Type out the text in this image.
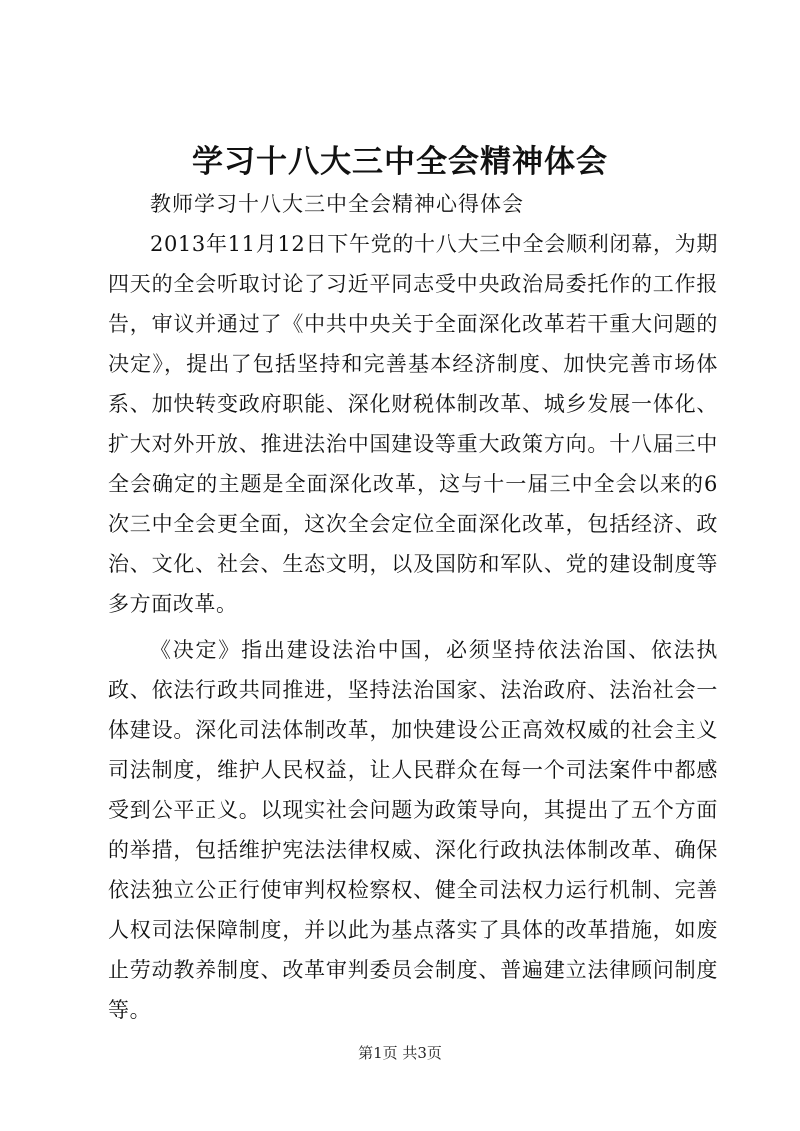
学习十八大三中全会精神体会

教师学习十八大三中全会精神心得体会

2013年11月12日下午党的十八大三中全会顺利闭幕，为期四天的全会听取讨论了习近平同志受中央政治局委托作的工作报告，审议并通过了《中共中央关于全面深化改革若干重大问题的决定》，提出了包括坚持和完善基本经济制度、加快完善市场体系、加快转变政府职能、深化财税体制改革、城乡发展一体化、扩大对外开放、推进法治中国建设等重大政策方向。十八届三中全会确定的主题是全面深化改革，这与十一届三中全会以来的6次三中全会更全面，这次全会定位全面深化改革，包括经济、政治、文化、社会、生态文明，以及国防和军队、党的建设制度等多方面改革。

《决定》指出建设法治中国，必须坚持依法治国、依法执政、依法行政共同推进，坚持法治国家、法治政府、法治社会一体建设。深化司法体制改革，加快建设公正高效权威的社会主义司法制度，维护人民权益，让人民群众在每一个司法案件中都感受到公平正义。以现实社会问题为政策导向，其提出了五个方面的举措，包括维护宪法法律权威、深化行政执法体制改革、确保依法独立公正行使审判权检察权、健全司法权力运行机制、完善人权司法保障制度，并以此为基点落实了具体的改革措施，如废止劳动教养制度、改革审判委员会制度、普遍建立法律顾问制度等。

第1页 共3页
